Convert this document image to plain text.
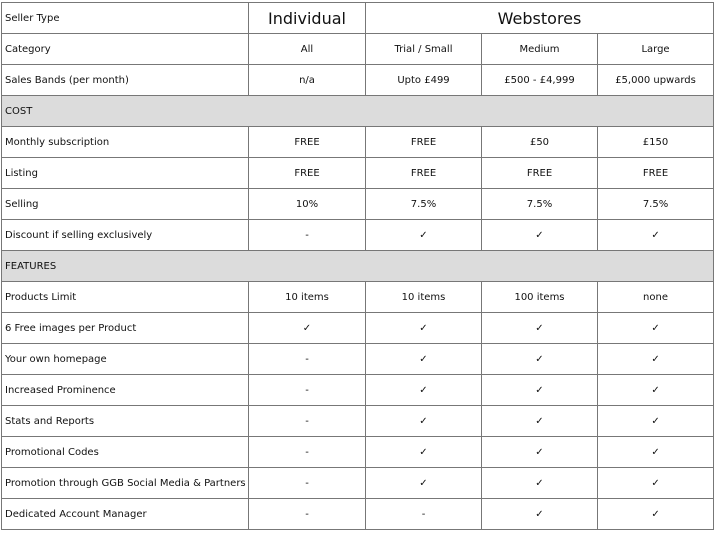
Seller Type	Individual	Webstores		
Category	All	Trial / Small	Medium	Large
Sales Bands (per month)	n/a	Upto £499	£500 - £4,999	£5,000 upwards
COST				
Monthly subscription	FREE	FREE	£50	£150
Listing	FREE	FREE	FREE	FREE
Selling	10%	7.5%	7.5%	7.5%
Discount if selling exclusively	-	✓	✓	✓
FEATURES				
Products Limit	10 items	10 items	100 items	none
6 Free images per Product	✓	✓	✓	✓
Your own homepage	-	✓	✓	✓
Increased Prominence	-	✓	✓	✓
Stats and Reports	-	✓	✓	✓
Promotional Codes	-	✓	✓	✓
Promotion through GGB Social Media & Partners	-	✓	✓	✓
Dedicated Account Manager	-	-	✓	✓
